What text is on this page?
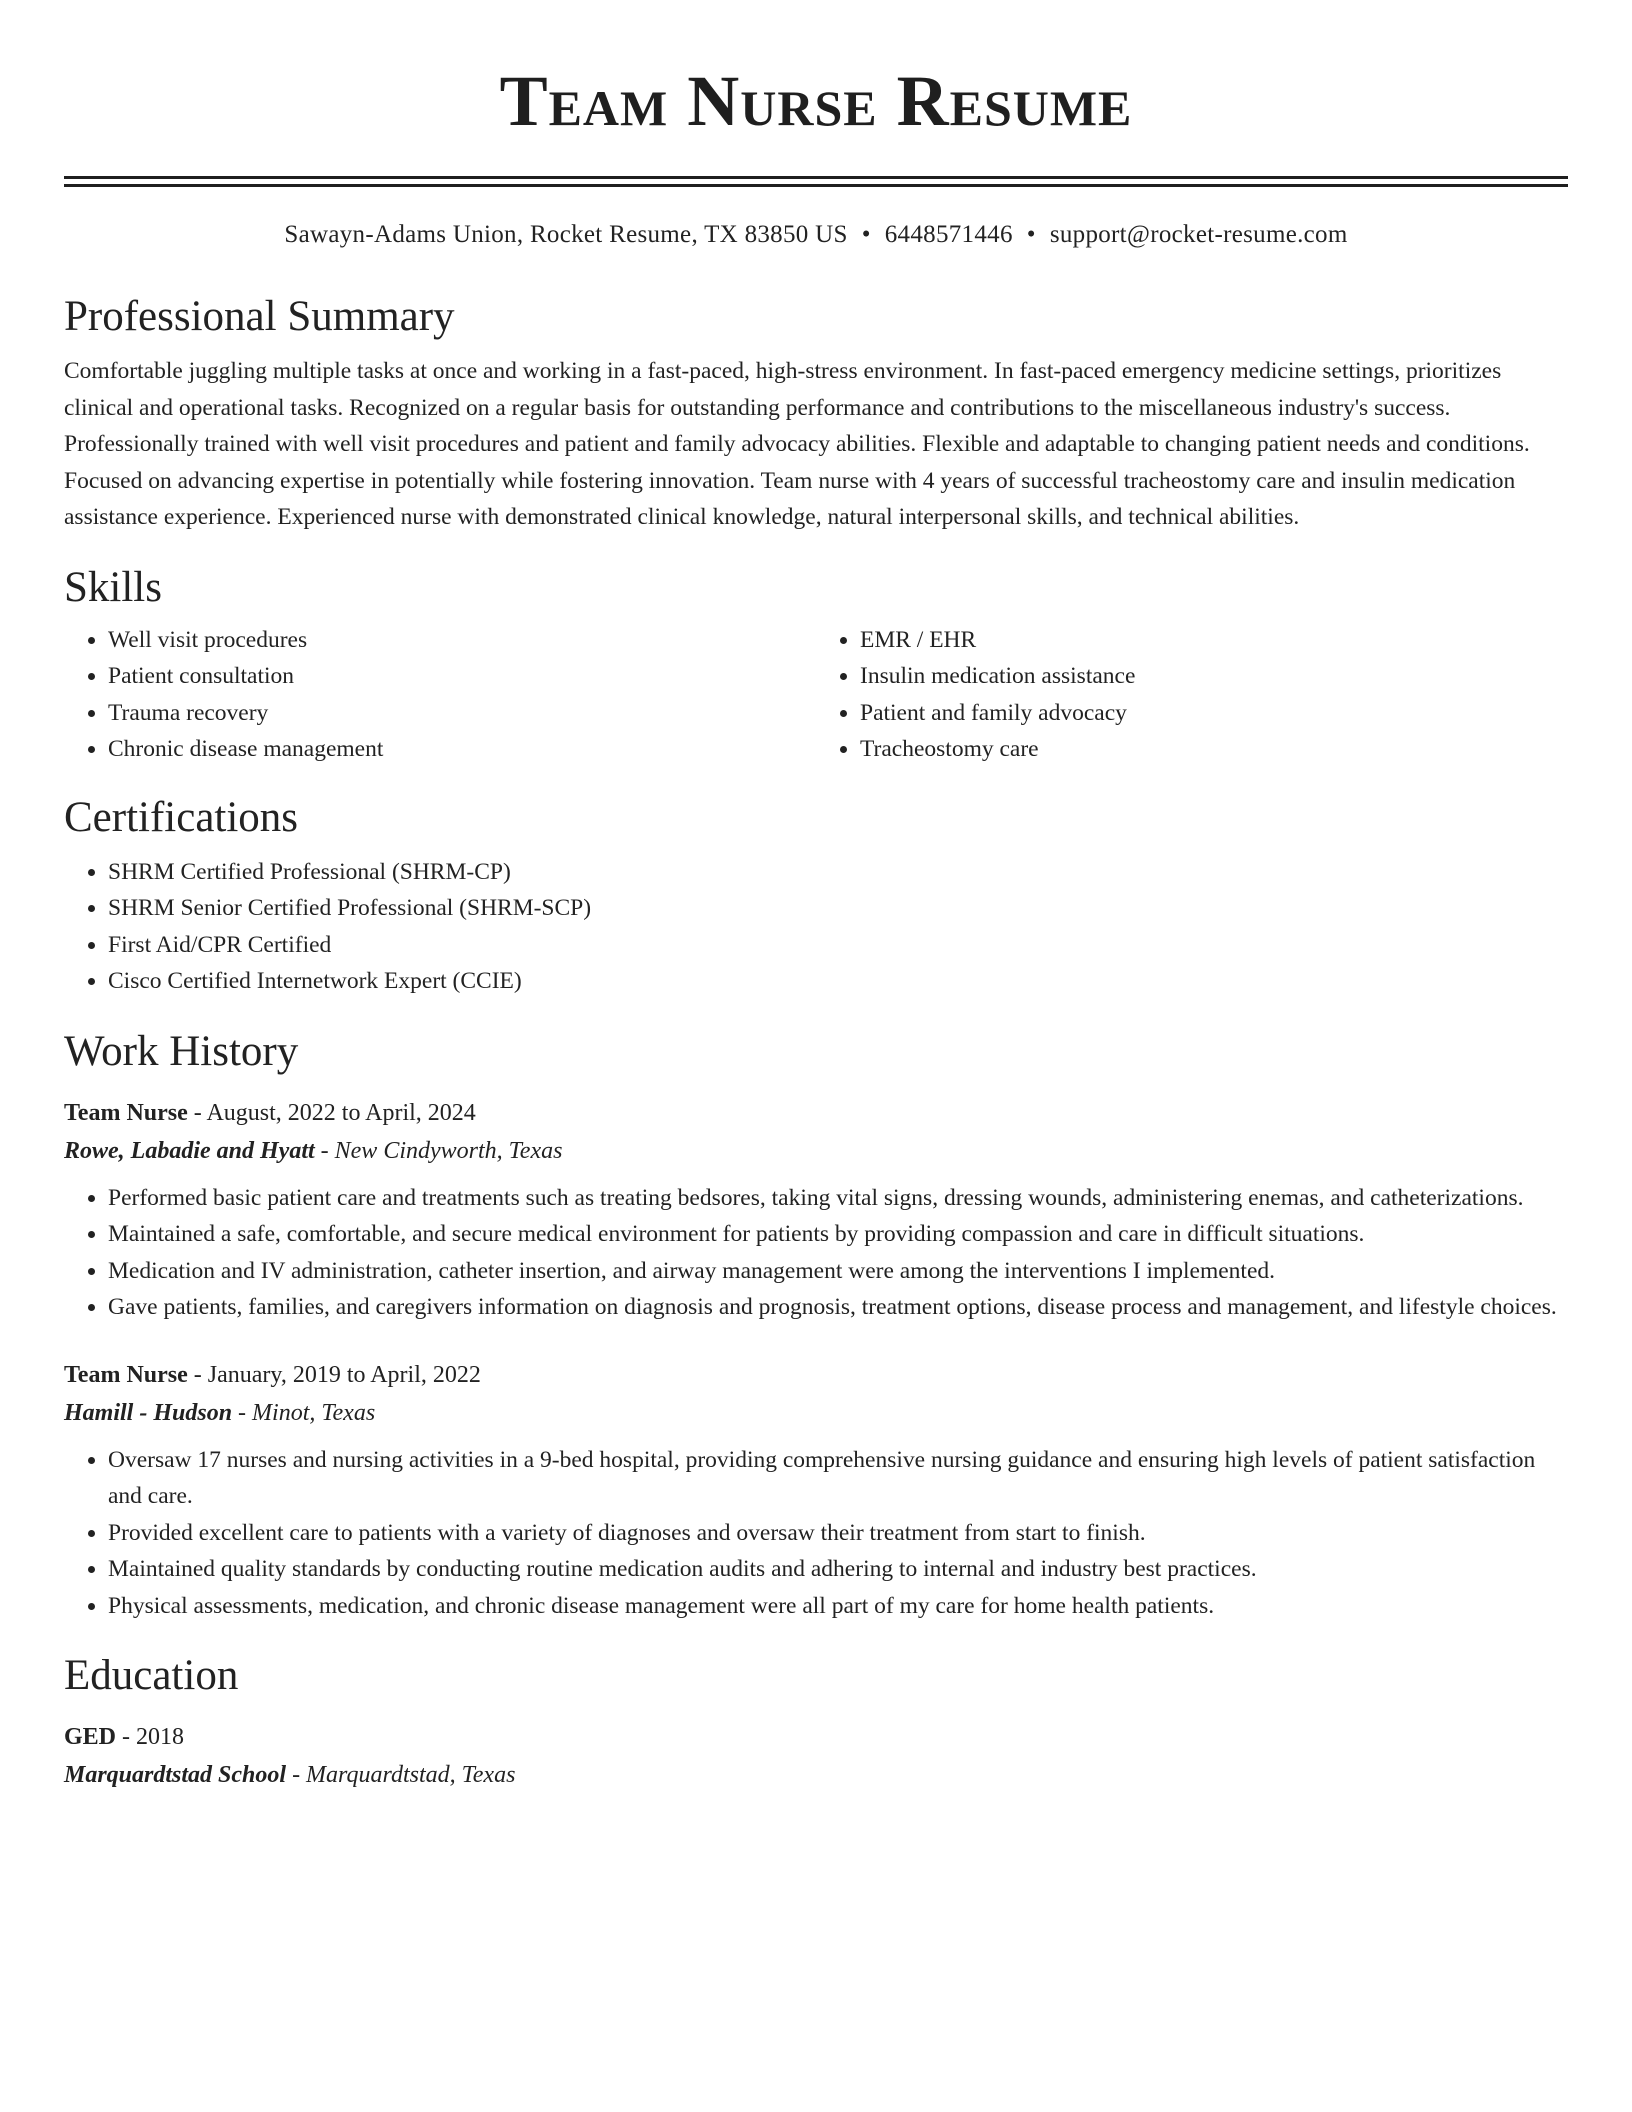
Team Nurse Resume
Sawayn-Adams Union, Rocket Resume, TX 83850 US • 6448571446 • support@rocket-resume.com
Professional Summary

Comfortable juggling multiple tasks at once and working in a fast-paced, high-stress environment. In fast-paced emergency medicine settings, prioritizes clinical and operational tasks. Recognized on a regular basis for outstanding performance and contributions to the miscellaneous industry's success. Professionally trained with well visit procedures and patient and family advocacy abilities. Flexible and adaptable to changing patient needs and conditions. Focused on advancing expertise in potentially while fostering innovation. Team nurse with 4 years of successful tracheostomy care and insulin medication assistance experience. Experienced nurse with demonstrated clinical knowledge, natural interpersonal skills, and technical abilities.

Skills
• Well visit procedures
• Patient consultation
• Trauma recovery
• Chronic disease management
• EMR / EHR
• Insulin medication assistance
• Patient and family advocacy
• Tracheostomy care
Certifications
• SHRM Certified Professional (SHRM-CP)
• SHRM Senior Certified Professional (SHRM-SCP)
• First Aid/CPR Certified
• Cisco Certified Internetwork Expert (CCIE)
Work History
Team Nurse - August, 2022 to April, 2024
Rowe, Labadie and Hyatt - New Cindyworth, Texas
• Performed basic patient care and treatments such as treating bedsores, taking vital signs, dressing wounds, administering enemas, and catheterizations.
• Maintained a safe, comfortable, and secure medical environment for patients by providing compassion and care in difficult situations.
• Medication and IV administration, catheter insertion, and airway management were among the interventions I implemented.
• Gave patients, families, and caregivers information on diagnosis and prognosis, treatment options, disease process and management, and lifestyle choices.
Team Nurse - January, 2019 to April, 2022
Hamill - Hudson - Minot, Texas
• Oversaw 17 nurses and nursing activities in a 9-bed hospital, providing comprehensive nursing guidance and ensuring high levels of patient satisfaction and care.
• Provided excellent care to patients with a variety of diagnoses and oversaw their treatment from start to finish.
• Maintained quality standards by conducting routine medication audits and adhering to internal and industry best practices.
• Physical assessments, medication, and chronic disease management were all part of my care for home health patients.
Education
GED - 2018
Marquardtstad School - Marquardtstad, Texas
